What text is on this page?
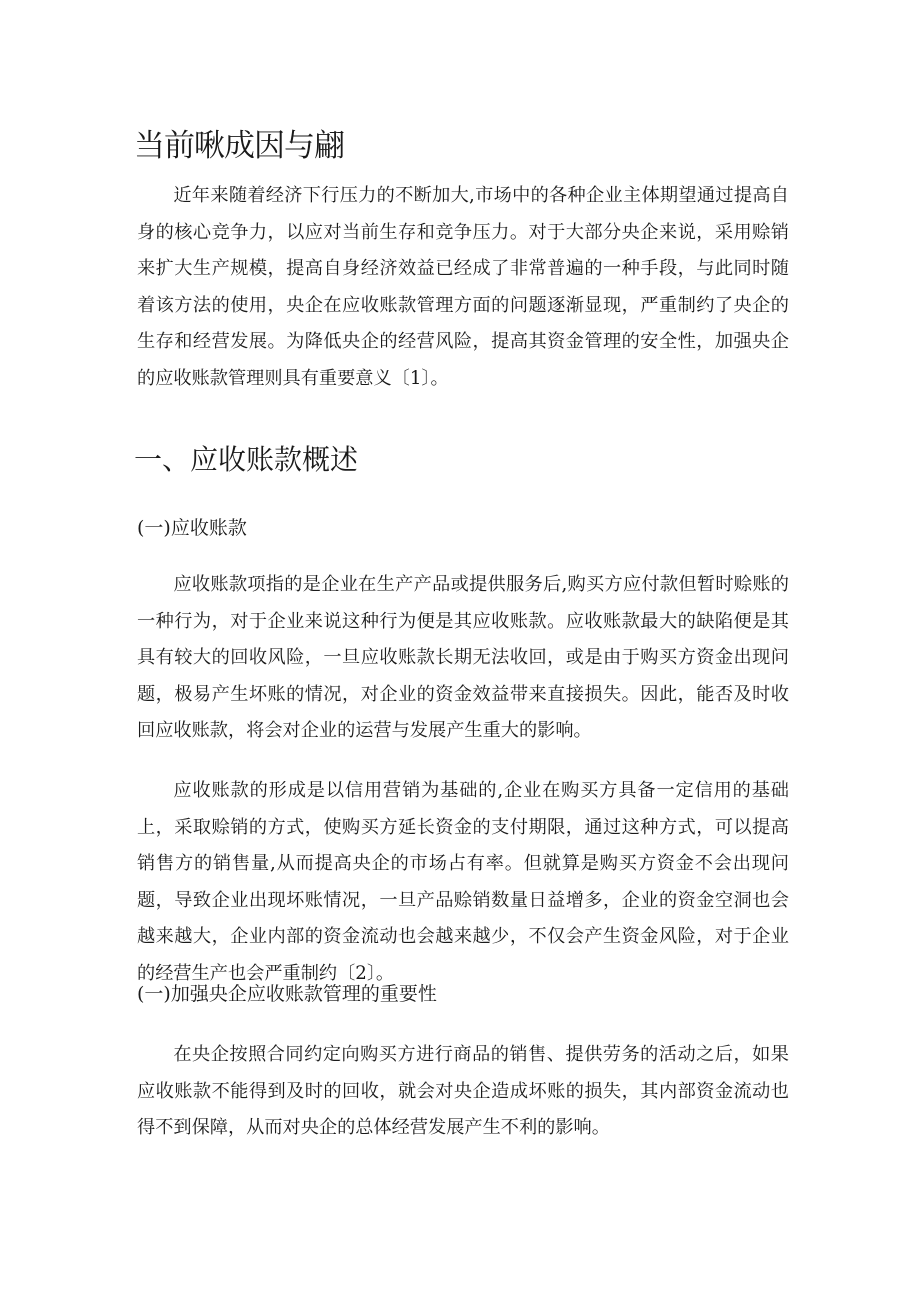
当前啾成因与翩

近年来随着经济下行压力的不断加大,市场中的各种企业主体期望通过提高自身的核心竞争力，以应对当前生存和竞争压力。对于大部分央企来说，采用赊销来扩大生产规模，提高自身经济效益已经成了非常普遍的一种手段，与此同时随着该方法的使用，央企在应收账款管理方面的问题逐渐显现，严重制约了央企的生存和经营发展。为降低央企的经营风险，提高其资金管理的安全性，加强央企的应收账款管理则具有重要意义〔1〕。

一、应收账款概述
(一)应收账款

应收账款项指的是企业在生产产品或提供服务后,购买方应付款但暂时赊账的一种行为，对于企业来说这种行为便是其应收账款。应收账款最大的缺陷便是其具有较大的回收风险，一旦应收账款长期无法收回，或是由于购买方资金出现问题，极易产生坏账的情况，对企业的资金效益带来直接损失。因此，能否及时收回应收账款，将会对企业的运营与发展产生重大的影响。

应收账款的形成是以信用营销为基础的,企业在购买方具备一定信用的基础上，采取赊销的方式，使购买方延长资金的支付期限，通过这种方式，可以提高销售方的销售量,从而提高央企的市场占有率。但就算是购买方资金不会出现问题，导致企业出现坏账情况，一旦产品赊销数量日益增多，企业的资金空洞也会越来越大，企业内部的资金流动也会越来越少，不仅会产生资金风险，对于企业的经营生产也会严重制约〔2〕。

(一)加强央企应收账款管理的重要性

在央企按照合同约定向购买方进行商品的销售、提供劳务的活动之后，如果应收账款不能得到及时的回收，就会对央企造成坏账的损失，其内部资金流动也得不到保障，从而对央企的总体经营发展产生不利的影响。
